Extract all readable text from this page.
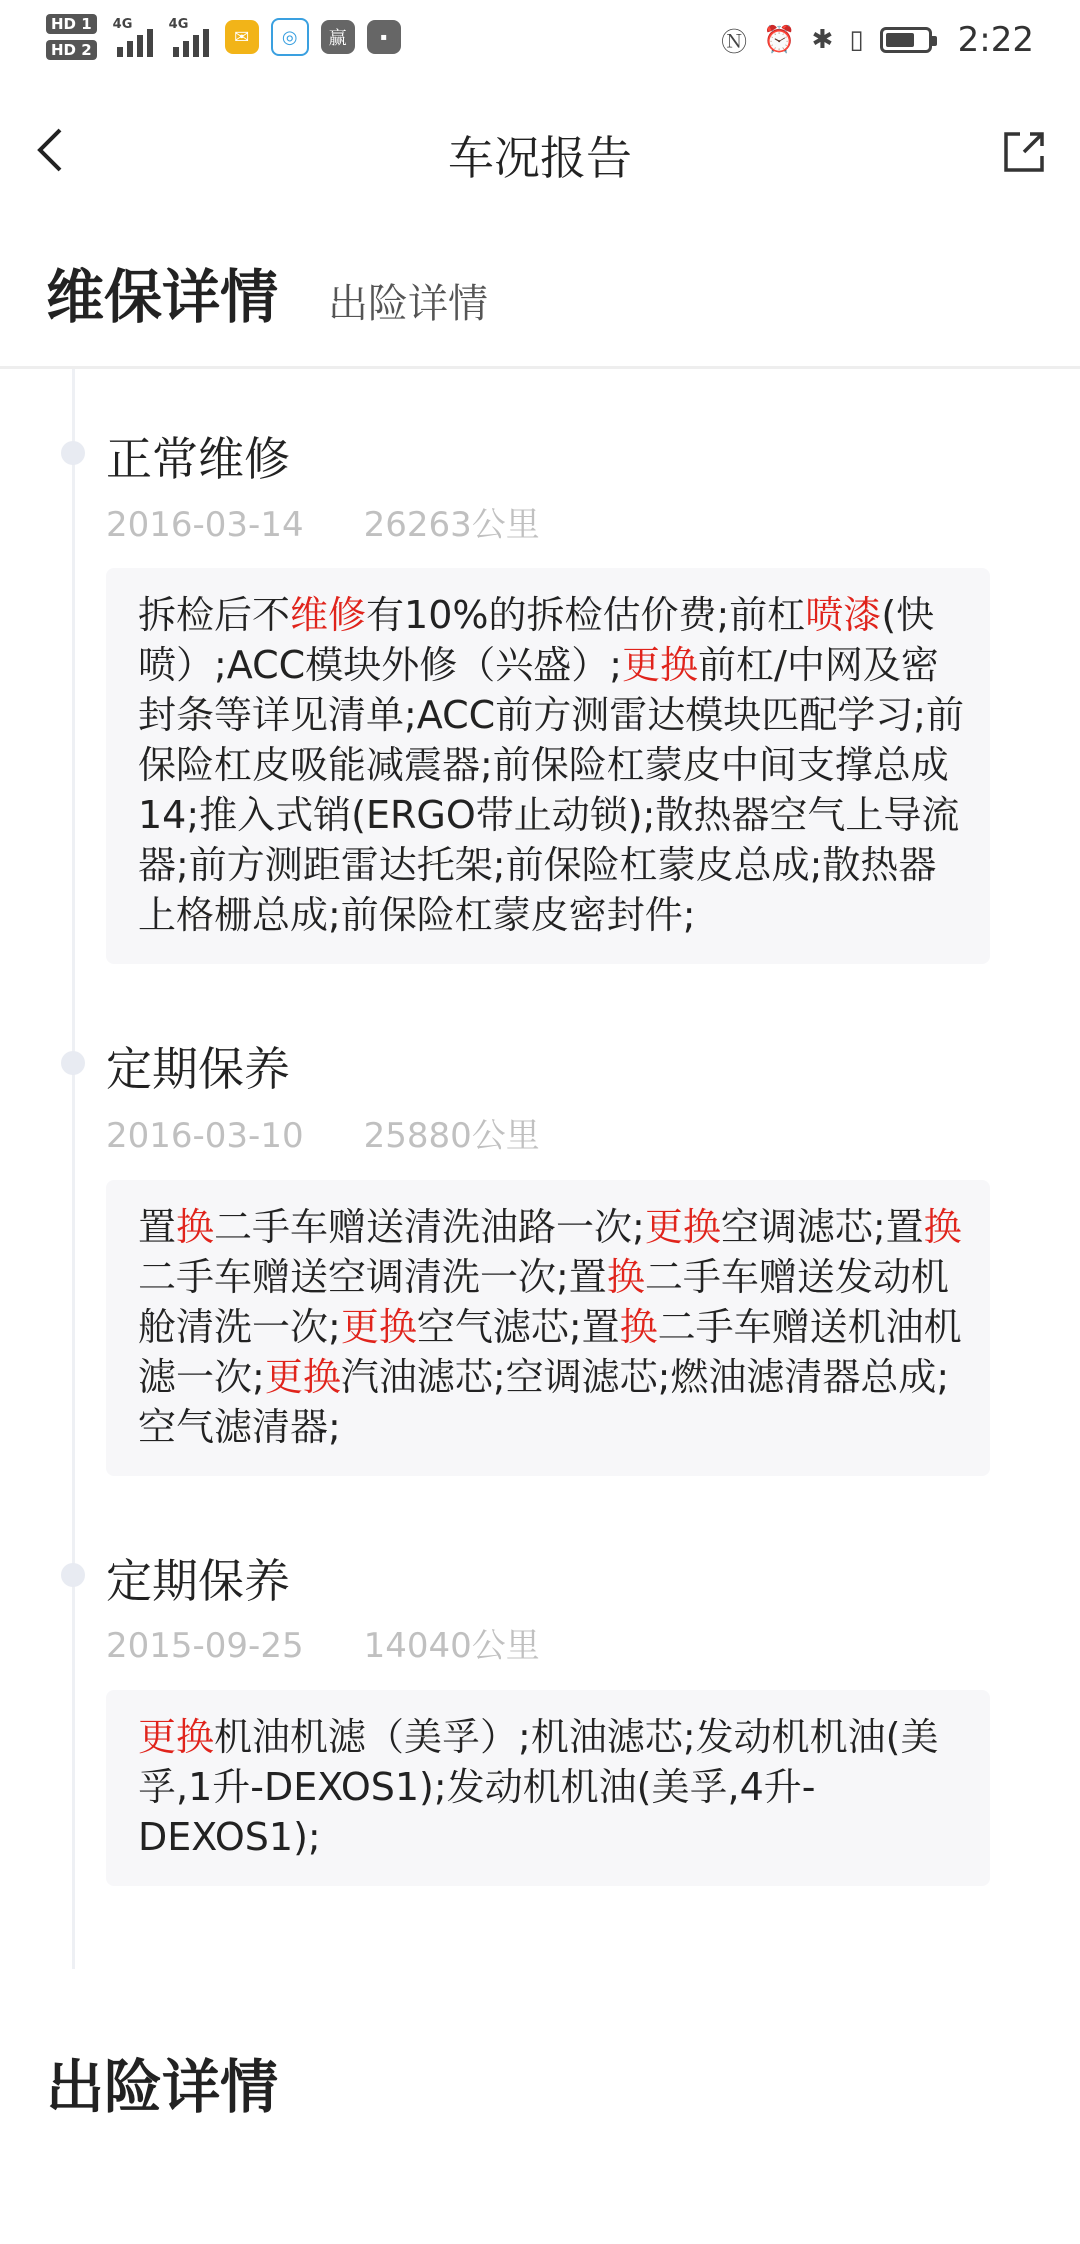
HD 1
HD 2
4G	4G
✉	◎	赢	▪	Ⓝ ⏰ ✱ ▯	2:22
车况报告
维保详情 出险详情
正常维修
2016-03-14 26263公里
拆检后不维修有10%的拆检估价费;前杠喷漆(快喷）;ACC模块外修（兴盛）;更换前杠/中网及密封条等详见清单;ACC前方测雷达模块匹配学习;前保险杠皮吸能减震器;前保险杠蒙皮中间支撑总成14;推入式销(ERGO带止动锁);散热器空气上导流器;前方测距雷达托架;前保险杠蒙皮总成;散热器上格栅总成;前保险杠蒙皮密封件;
定期保养
2016-03-10 25880公里
置换二手车赠送清洗油路一次;更换空调滤芯;置换二手车赠送空调清洗一次;置换二手车赠送发动机舱清洗一次;更换空气滤芯;置换二手车赠送机油机滤一次;更换汽油滤芯;空调滤芯;燃油滤清器总成;空气滤清器;
定期保养
2015-09-25 14040公里
更换机油机滤（美孚）;机油滤芯;发动机机油(美孚,1升-DEXOS1);发动机机油(美孚,4升-DEXOS1);
出险详情
